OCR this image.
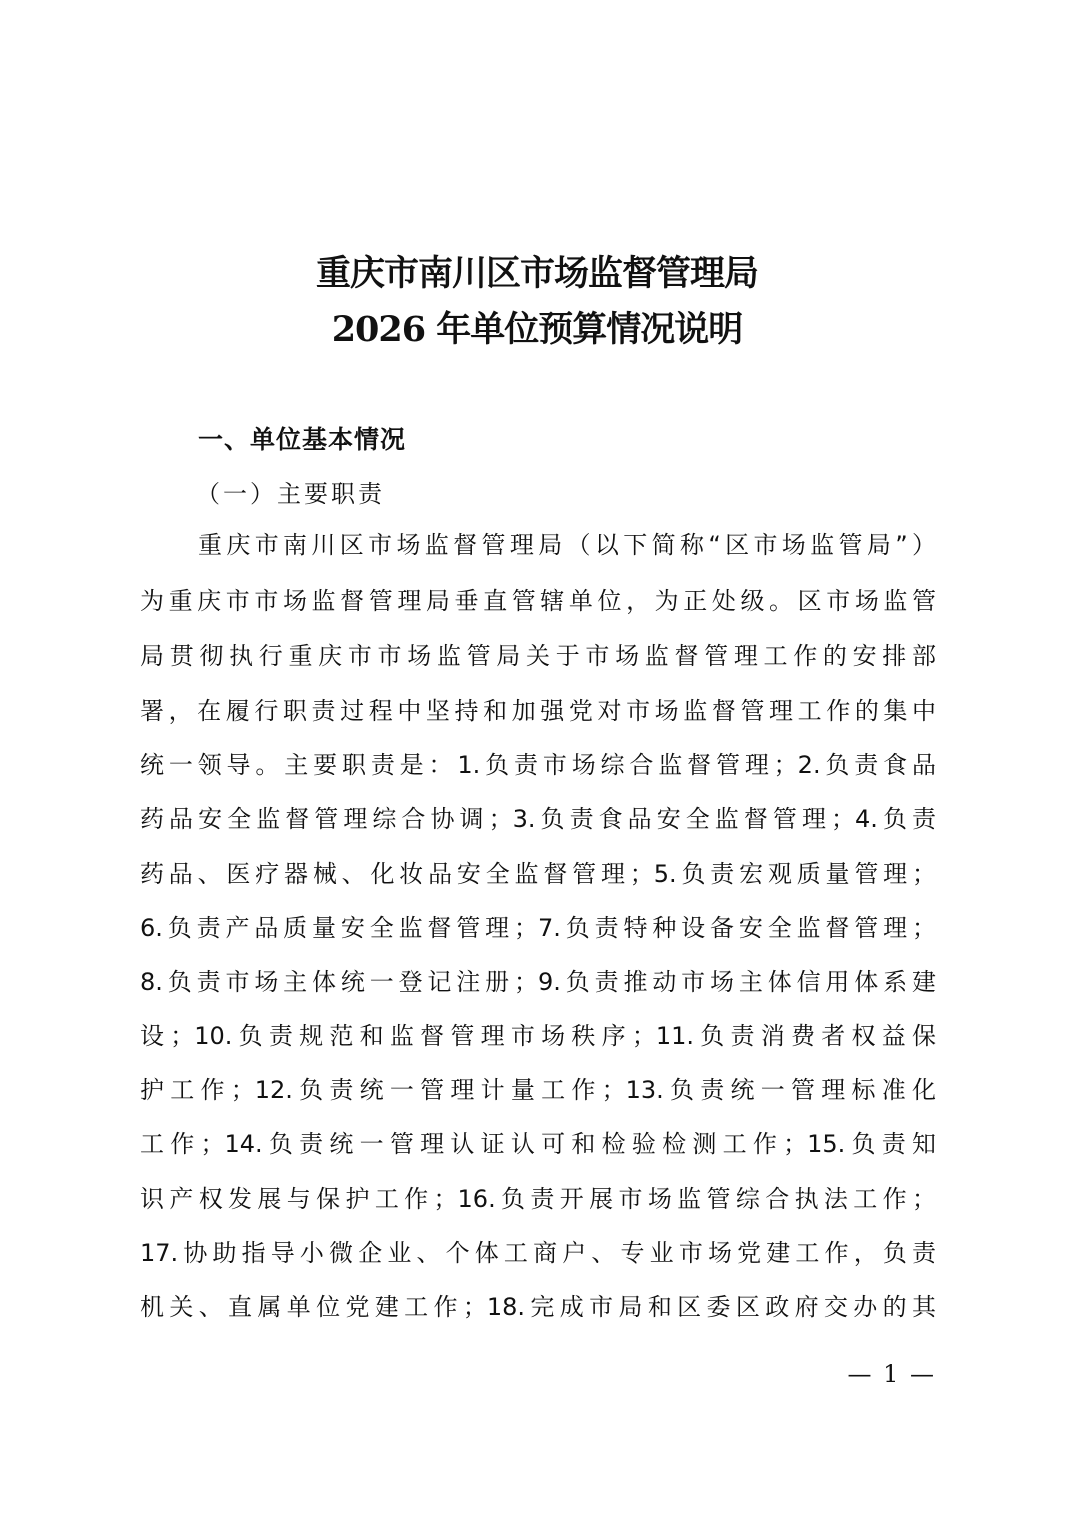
重庆市南川区市场监督管理局
2026 年单位预算情况说明
一、单位基本情况
（一）主要职责
重庆市南川区市场监督管理局（以下简称“区市场监管局”）
为重庆市市场监督管理局垂直管辖单位，为正处级。区市场监管
局贯彻执行重庆市市场监管局关于市场监督管理工作的安排部
署，在履行职责过程中坚持和加强党对市场监督管理工作的集中
统一领导。主要职责是：1.负责市场综合监督管理；2.负责食品
药品安全监督管理综合协调；3.负责食品安全监督管理；4.负责
药品、医疗器械、化妆品安全监督管理；5.负责宏观质量管理；
6.负责产品质量安全监督管理；7.负责特种设备安全监督管理；
8.负责市场主体统一登记注册；9.负责推动市场主体信用体系建
设；10.负责规范和监督管理市场秩序；11.负责消费者权益保
护工作；12.负责统一管理计量工作；13.负责统一管理标准化
工作；14.负责统一管理认证认可和检验检测工作；15.负责知
识产权发展与保护工作；16.负责开展市场监管综合执法工作；
17.协助指导小微企业、个体工商户、专业市场党建工作，负责
机关、直属单位党建工作；18.完成市局和区委区政府交办的其
— 1 —
